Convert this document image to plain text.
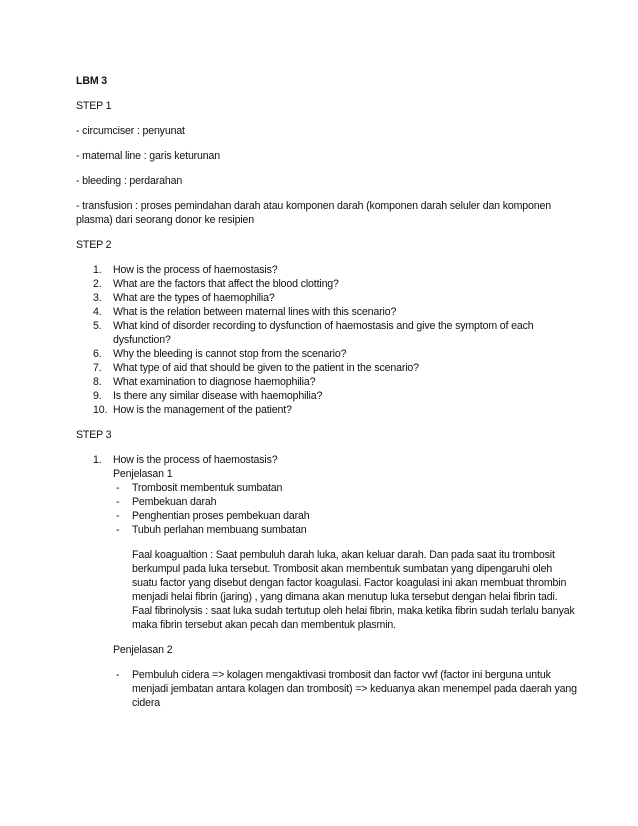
LBM 3
STEP 1
- circumciser : penyunat
- maternal line : garis keturunan
- bleeding : perdarahan
- transfusion : proses pemindahan darah atau komponen darah (komponen darah seluler dan komponen plasma) dari seorang donor ke resipien
STEP 2
1.	How is the process of haemostasis?
2.	What are the factors that affect the blood clotting?
3.	What are the types of haemophilia?
4.	What is the relation between maternal lines with this scenario?
5.	What kind of disorder recording to dysfunction of haemostasis and give the symptom of each dysfunction?
6.	Why the bleeding is cannot stop from the scenario?
7.	What type of aid that should be given to the patient in the scenario?
8.	What examination to diagnose haemophilia?
9.	Is there any similar disease with haemophilia?
10. How is the management of the patient?
STEP 3
1. How is the process of haemostasis?
Penjelasan 1
- Trombosit membentuk sumbatan
- Pembekuan darah
- Penghentian proses pembekuan darah
- Tubuh perlahan membuang sumbatan
Faal koagualtion : Saat pembuluh darah luka, akan keluar darah. Dan pada saat itu trombosit berkumpul pada luka tersebut. Trombosit akan membentuk sumbatan yang dipengaruhi oleh suatu factor yang disebut dengan factor koagulasi. Factor koagulasi ini akan membuat thrombin menjadi helai fibrin (jaring) , yang dimana akan menutup luka tersebut dengan helai fibrin tadi.
Faal fibrinolysis : saat luka sudah tertutup oleh helai fibrin, maka ketika fibrin sudah terlalu banyak maka fibrin tersebut akan pecah dan membentuk plasmin.
Penjelasan 2
- Pembuluh cidera => kolagen mengaktivasi trombosit dan factor vwf (factor ini berguna untuk menjadi jembatan antara kolagen dan trombosit) => keduanya akan menempel pada daerah yang cidera
